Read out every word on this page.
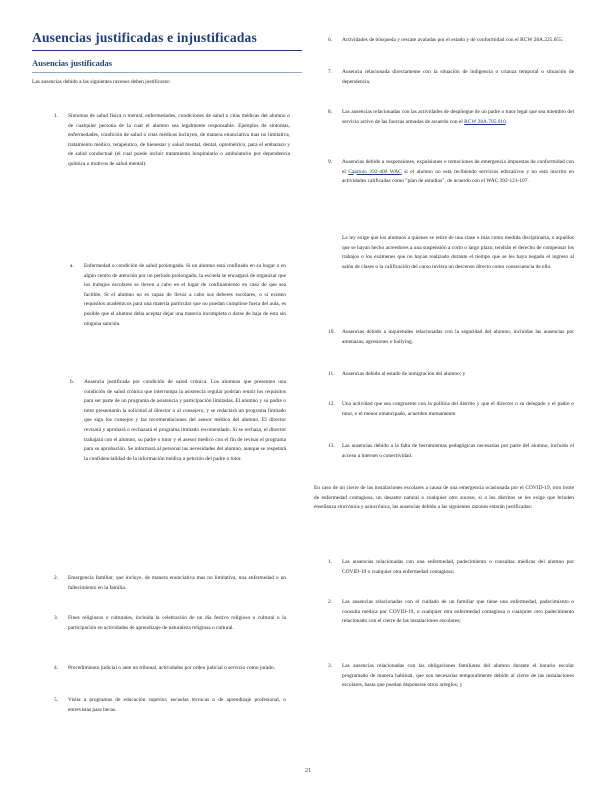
Ausencias justificadas e injustificadas
Ausencias justificadas

Las ausencias debido a las siguientes razones deben justificarse:

1.	Síntomas de salud física o mental, enfermedades, condiciones de salud o citas médicas del alumno o de cualquier persona de la cual el alumno sea legalmente responsable. Ejemplos de síntomas, enfermedades, condición de salud o citas médicas incluyen, de manera enunciativa mas no limitativa, tratamiento médico, terapéutico, de bienestar y salud mental, dental, optométrico, para el embarazo y de salud conductual (el cual puede incluir tratamiento hospitalario o ambulatorio por dependencia química o motivos de salud mental).
a.	Enfermedad o condición de salud prolongada. Si un alumno está confinado en su hogar o en algún centro de atención por un período prolongado, la escuela se encargará de organizar que los trabajos escolares se lleven a cabo en el lugar de confinamiento en caso de que sea factible. Si el alumno no es capaz de llevar a cabo sus deberes escolares, o si existen requisitos académicos para una materia particular que no puedan cumplirse fuera del aula, es posible que el alumno deba aceptar dejar una materia incompleta o darse de baja de esta sin ninguna sanción.
b.	Ausencia justificada por condición de salud crónica. Los alumnos que presenten una condición de salud crónica que interrumpa la asistencia regular podrían reunir los requisitos para ser parte de un programa de asistencia y participación limitadas. El alumno y su padre o tutor presentarán la solicitud al director o al consejero, y se redactará un programa limitado que siga los consejos y las recomendaciones del asesor médico del alumno. El director revisará y aprobará o rechazará el programa limitado recomendado. Si se rechaza, el director trabajará con el alumno, su padre o tutor y el asesor médico con el fin de revisar el programa para su aprobación. Se informará al personal las necesidades del alumno, aunque se respetará la confidencialidad de la información médica a petición del padre o tutor.
2.	Emergencia familiar, que incluye, de manera enunciativa mas no limitativa, una enfermedad o un fallecimiento en la familia.
3.	Fines religiosos o culturales, incluida la celebración de un día festivo religioso o cultural o la participación en actividades de aprendizaje de naturaleza religiosa o cultural.
4.	Procedimiento judicial o ante un tribunal, actividades por orden judicial o servicio como jurado.
5.	Visita a programas de educación superior, escuelas técnicas o de aprendizaje profesional, o entrevistas para becas.
6.	Actividades de búsqueda y rescate avaladas por el estado y de conformidad con el RCW 28A.225.055.
7.	Ausencia relacionada directamente con la situación de indigencia o crianza temporal o situación de dependencia.
8.	Las ausencias relacionadas con las actividades de despliegue de un padre o tutor legal que sea miembro del servicio activo de las fuerzas armadas de acuerdo con el RCW 28A.705.010.
9.	Ausencias debido a suspensiones, expulsiones o remociones de emergencia impuestas de conformidad con el Capítulo 392-400 WAC si el alumno no está recibiendo servicios educativos y no está inscrito en actividades calificadas como "plan de estudios", de acuerdo con el WAC 392-121-107.

La ley exige que los alumnos a quienes se retire de una clase o más como medida disciplinaria, o aquellos que se hayan hecho acreedores a una suspensión a corto o largo plazo, tendrán el derecho de compensar los trabajos o los exámenes que no hayan realizado durante el tiempo que se les haya negado el ingreso al salón de clases o la calificación del curso tuviera un descenso directo como consecuencia de ello.

10.	Ausencias debido a inquietudes relacionadas con la seguridad del alumno, incluidas las ausencias por amenazas, agresiones o bullying.
11.	Ausencias debido al estado de inmigración del alumno; y
12.	Una actividad que sea congruente con la política del distrito y que el director o su delegado y el padre o tutor, o el menor emancipado, acuerden mutuamente.
13.	Las ausencias debido a la falta de herramientas pedagógicas necesarias por parte del alumno, incluido el acceso a internet o conectividad.

En caso de un cierre de las instalaciones escolares a causa de una emergencia ocasionada por el COVID-19, otro brote de enfermedad contagiosa, un desastre natural o cualquier otro suceso, si a los distritos se les exige que brinden enseñanza sincrónica y asincrónica, las ausencias debido a las siguientes razones estarán justificadas:

1.	Las ausencias relacionadas con una enfermedad, padecimiento o consultas médicas del alumno por COVID-19 o cualquier otra enfermedad contagiosa;
2.	Las ausencias relacionadas con el cuidado de un familiar que tiene una enfermedad, padecimiento o consulta médica por COVID-19, o cualquier otra enfermedad contagiosa o cualquier otro padecimiento relacionado con el cierre de las instalaciones escolares;
3.	Las ausencias relacionadas con las obligaciones familiares del alumno durante el horario escolar programado de manera habitual, que son necesarias temporalmente debido al cierre de las instalaciones escolares, hasta que puedan disponerse otros arreglos; y
21
